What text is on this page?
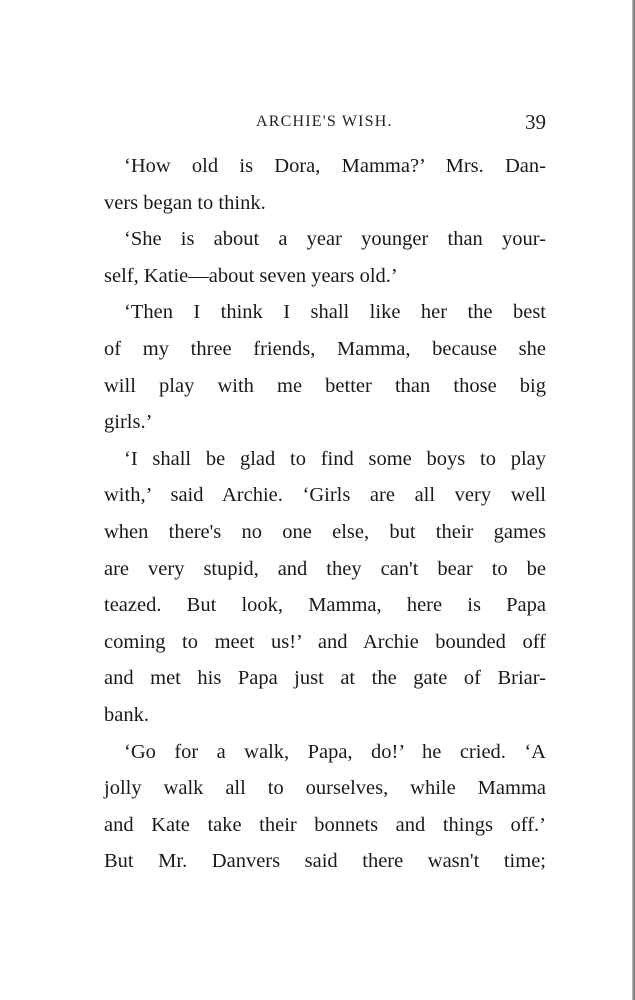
ARCHIE'S WISH.	39
‘How old is Dora, Mamma?’ Mrs. Dan-
vers began to think.
‘She is about a year younger than your-
self, Katie—about seven years old.’
‘Then I think I shall like her the best
of my three friends, Mamma, because she
will play with me better than those big
girls.’
‘I shall be glad to find some boys to play
with,’ said Archie. ‘Girls are all very well
when there's no one else, but their games
are very stupid, and they can't bear to be
teazed. But look, Mamma, here is Papa
coming to meet us!’ and Archie bounded off
and met his Papa just at the gate of Briar-
bank.
‘Go for a walk, Papa, do!’ he cried. ‘A
jolly walk all to ourselves, while Mamma
and Kate take their bonnets and things off.’
But Mr. Danvers said there wasn't time;
